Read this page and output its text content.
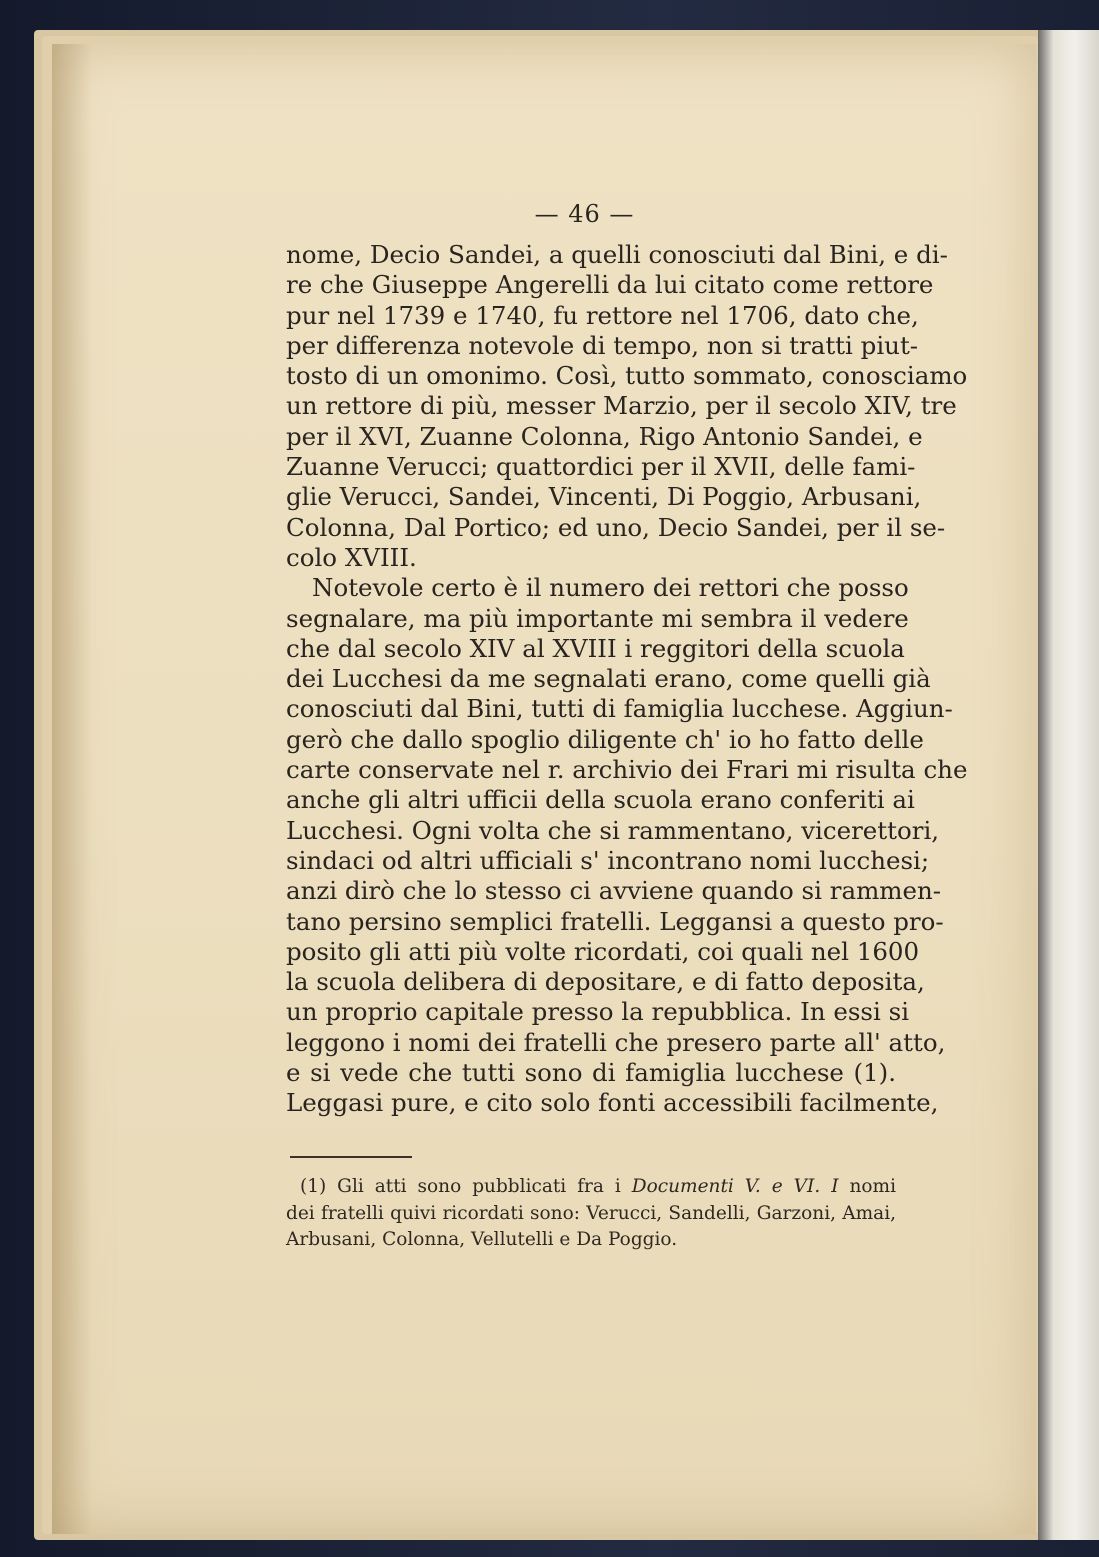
— 46 —
nome, Decio Sandei, a quelli conosciuti dal Bini, e di-
re che Giuseppe Angerelli da lui citato come rettore
pur nel 1739 e 1740, fu rettore nel 1706, dato che,
per differenza notevole di tempo, non si tratti piut-
tosto di un omonimo. Così, tutto sommato, conosciamo
un rettore di più, messer Marzio, per il secolo XIV, tre
per il XVI, Zuanne Colonna, Rigo Antonio Sandei, e
Zuanne Verucci; quattordici per il XVII, delle fami-
glie Verucci, Sandei, Vincenti, Di Poggio, Arbusani,
Colonna, Dal Portico; ed uno, Decio Sandei, per il se-
colo XVIII.
Notevole certo è il numero dei rettori che posso
segnalare, ma più importante mi sembra il vedere
che dal secolo XIV al XVIII i reggitori della scuola
dei Lucchesi da me segnalati erano, come quelli già
conosciuti dal Bini, tutti di famiglia lucchese. Aggiun-
gerò che dallo spoglio diligente ch' io ho fatto delle
carte conservate nel r. archivio dei Frari mi risulta che
anche gli altri ufficii della scuola erano conferiti ai
Lucchesi. Ogni volta che si rammentano, vicerettori,
sindaci od altri ufficiali s' incontrano nomi lucchesi;
anzi dirò che lo stesso ci avviene quando si rammen-
tano persino semplici fratelli. Leggansi a questo pro-
posito gli atti più volte ricordati, coi quali nel 1600
la scuola delibera di depositare, e di fatto deposita,
un proprio capitale presso la repubblica. In essi si
leggono i nomi dei fratelli che presero parte all' atto,
e si vede che tutti sono di famiglia lucchese (1).
Leggasi pure, e cito solo fonti accessibili facilmente,
(1) Gli atti sono pubblicati fra i Documenti V. e VI. I nomi
dei fratelli quivi ricordati sono: Verucci, Sandelli, Garzoni, Amai,
Arbusani, Colonna, Vellutelli e Da Poggio.
